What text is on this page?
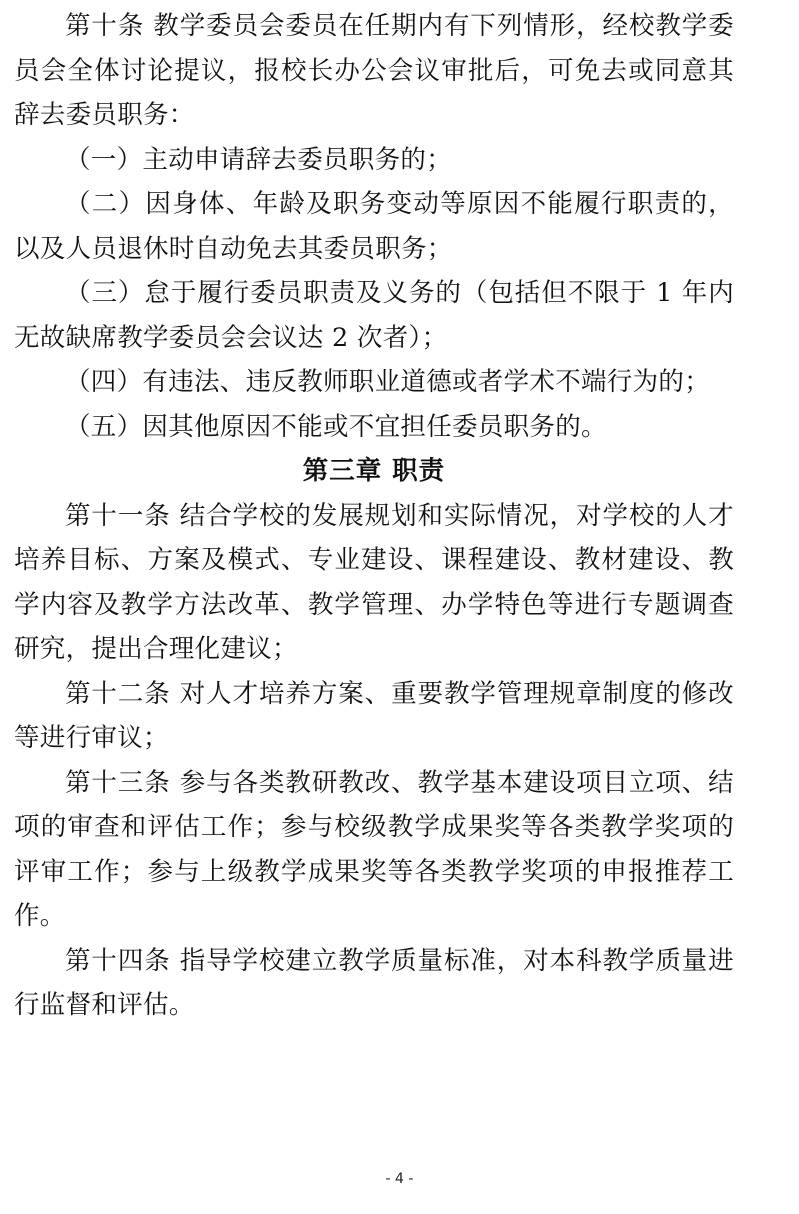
第十条 教学委员会委员在任期内有下列情形，经校教学委员会全体讨论提议，报校长办公会议审批后，可免去或同意其辞去委员职务：

（一）主动申请辞去委员职务的；

（二）因身体、年龄及职务变动等原因不能履行职责的，以及人员退休时自动免去其委员职务；

（三）怠于履行委员职责及义务的（包括但不限于 1 年内无故缺席教学委员会会议达 2 次者）；

（四）有违法、违反教师职业道德或者学术不端行为的；

（五）因其他原因不能或不宜担任委员职务的。

第三章 职责

第十一条 结合学校的发展规划和实际情况，对学校的人才培养目标、方案及模式、专业建设、课程建设、教材建设、教学内容及教学方法改革、教学管理、办学特色等进行专题调查研究，提出合理化建议；

第十二条 对人才培养方案、重要教学管理规章制度的修改等进行审议；

第十三条 参与各类教研教改、教学基本建设项目立项、结项的审查和评估工作；参与校级教学成果奖等各类教学奖项的评审工作；参与上级教学成果奖等各类教学奖项的申报推荐工作。

第十四条 指导学校建立教学质量标准，对本科教学质量进行监督和评估。

- 4 -
